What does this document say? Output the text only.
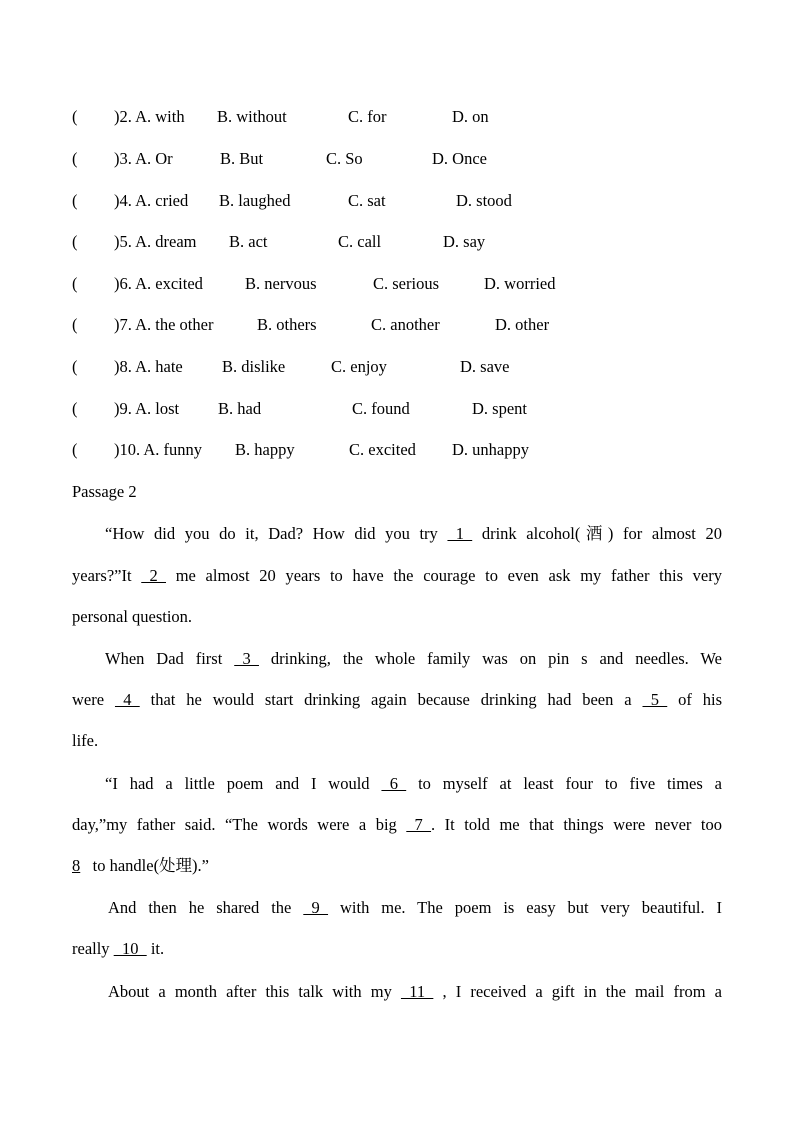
( )2. A. with B. without	C. for	D. on
( )3. A. Or	B. But	C. So	D. Once
( )4. A. cried B. laughed	C. sat	D. stood
( )5. A. dream B. act	C. call	D. say
( )6. A. excited	B. nervous	C. serious	D. worried
( )7. A. the other	B. others	C. another	D. other
( )8. A. hate B. dislike	C. enjoy	D. save
( )9. A. lost B. had	C. found	D. spent
( )10. A. funny B. happy	C. excited D. unhappy
Passage 2
“How did you do it, Dad? How did you try   1   drink alcohol(酒) for almost 20
years?”It   2   me almost 20 years to have the courage to even ask my father this very
personal question.
When Dad first   3   drinking, the whole family was on pin s and needles. We
were   4   that he would start drinking again because drinking had been a   5   of his
life.
“I had a little poem and I would   6   to myself at least four to five times a
day,”my father said. “The words were a big   7  . It told me that things were never too
8 to handle(处理).”
And then he shared the   9   with me. The poem is easy but very beautiful. I
really   10   it.
About a month after this talk with my   11   , I received a gift in the mail from a
